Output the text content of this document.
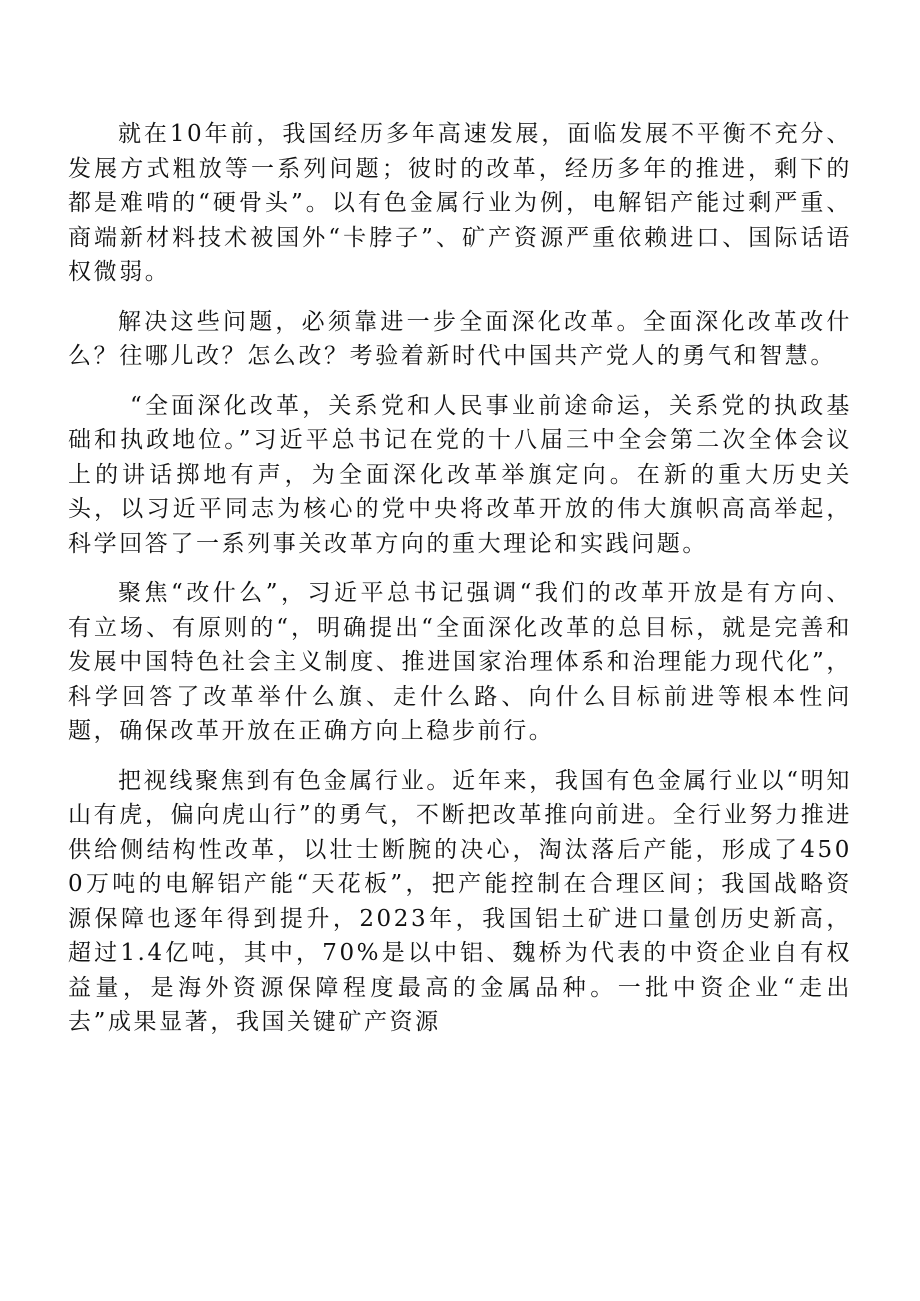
就在10年前，我国经历多年高速发展，面临发展不平衡不充分、发展方式粗放等一系列问题；彼时的改革，经历多年的推进，剩下的都是难啃的“硬骨头”。以有色金属行业为例，电解铝产能过剩严重、商端新材料技术被国外“卡脖子”、矿产资源严重依赖进口、国际话语权微弱。

解决这些问题，必须靠进一步全面深化改革。全面深化改革改什么？往哪儿改？怎么改？考验着新时代中国共产党人的勇气和智慧。

“全面深化改革，关系党和人民事业前途命运，关系党的执政基础和执政地位。”习近平总书记在党的十八届三中全会第二次全体会议上的讲话掷地有声，为全面深化改革举旗定向。在新的重大历史关头，以习近平同志为核心的党中央将改革开放的伟大旗帜高高举起，科学回答了一系列事关改革方向的重大理论和实践问题。

聚焦“改什么”，习近平总书记强调“我们的改革开放是有方向、有立场、有原则的“，明确提出“全面深化改革的总目标，就是完善和发展中国特色社会主义制度、推进国家治理体系和治理能力现代化”，科学回答了改革举什么旗、走什么路、向什么目标前进等根本性问题，确保改革开放在正确方向上稳步前行。

把视线聚焦到有色金属行业。近年来，我国有色金属行业以“明知山有虎，偏向虎山行”的勇气，不断把改革推向前进。全行业努力推进供给侧结构性改革，以壮士断腕的决心，淘汰落后产能，形成了4500万吨的电解铝产能“天花板”，把产能控制在合理区间；我国战略资源保障也逐年得到提升，2023年，我国铝土矿进口量创历史新高，超过1.4亿吨，其中，70%是以中铝、魏桥为代表的中资企业自有权益量，是海外资源保障程度最高的金属品种。一批中资企业“走出去”成果显著，我国关键矿产资源
